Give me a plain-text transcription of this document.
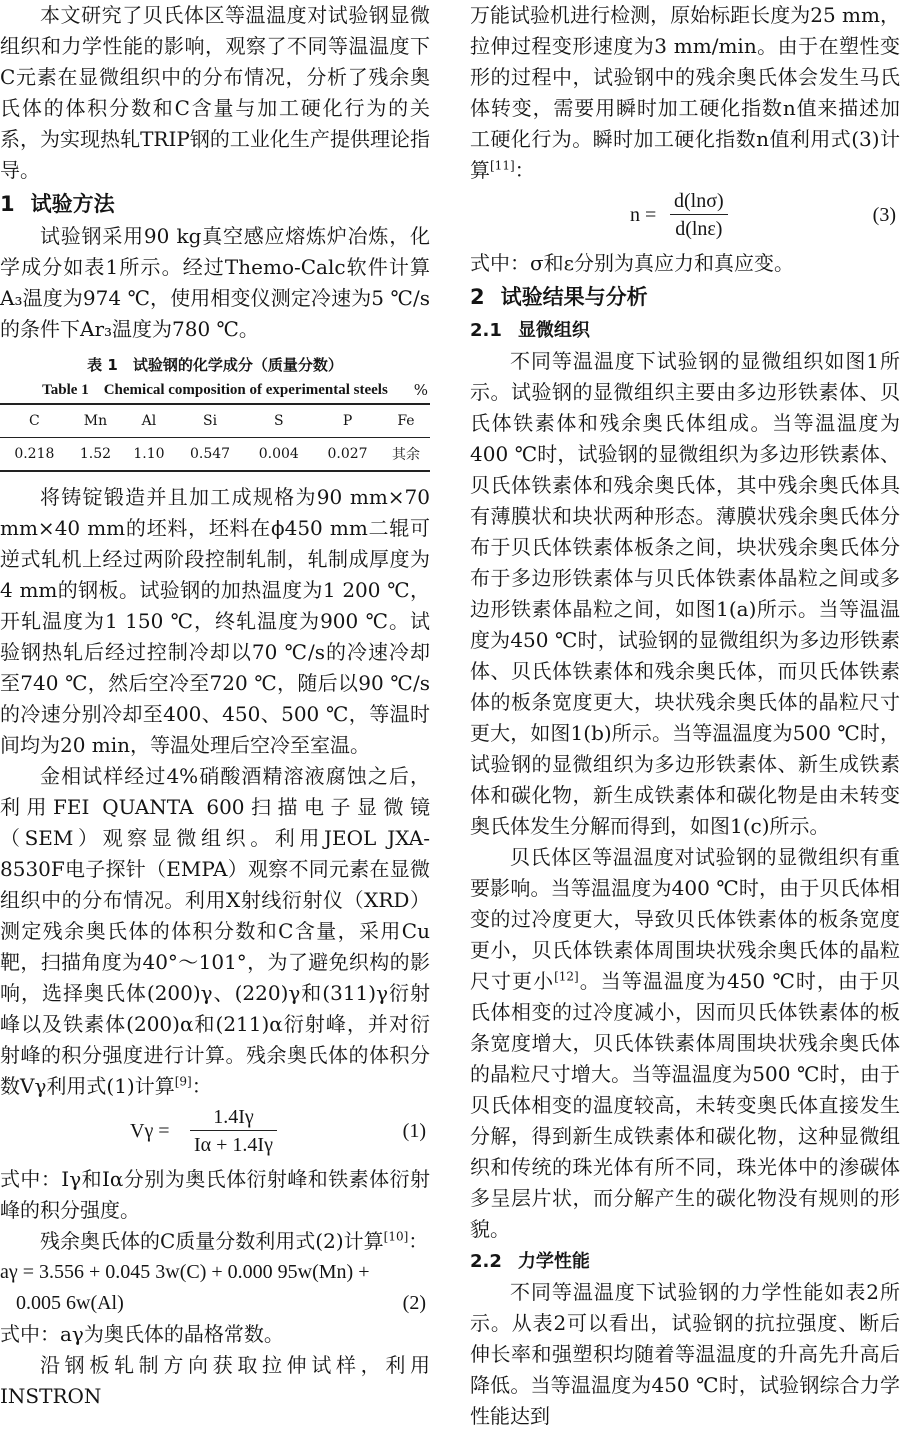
本文研究了贝氏体区等温温度对试验钢显微组织和力学性能的影响，观察了不同等温温度下C元素在显微组织中的分布情况，分析了残余奥氏体的体积分数和C含量与加工硬化行为的关系，为实现热轧TRIP钢的工业化生产提供理论指导。

1 试验方法

试验钢采用90 kg真空感应熔炼炉冶炼，化学成分如表1所示。经过Themo-Calc软件计算A₃温度为974 ℃，使用相变仪测定冷速为5 ℃/s的条件下Ar₃温度为780 ℃。

表 1　试验钢的化学成分（质量分数）
Table 1　Chemical composition of experimental steels	%
C	Mn	Al	Si	S	P	Fe
0.218	1.52	1.10	0.547	0.004	0.027	其余

将铸锭锻造并且加工成规格为90 mm×70 mm×40 mm的坯料，坯料在ϕ450 mm二辊可逆式轧机上经过两阶段控制轧制，轧制成厚度为4 mm的钢板。试验钢的加热温度为1 200 ℃，开轧温度为1 150 ℃，终轧温度为900 ℃。试验钢热轧后经过控制冷却以70 ℃/s的冷速冷却至740 ℃，然后空冷至720 ℃，随后以90 ℃/s的冷速分别冷却至400、450、500 ℃，等温时间均为20 min，等温处理后空冷至室温。

金相试样经过4%硝酸酒精溶液腐蚀之后，利用FEI QUANTA 600扫描电子显微镜（SEM）观察显微组织。利用JEOL JXA-8530F电子探针（EMPA）观察不同元素在显微组织中的分布情况。利用X射线衍射仪（XRD）测定残余奥氏体的体积分数和C含量，采用Cu靶，扫描角度为40°～101°，为了避免织构的影响，选择奥氏体(200)γ、(220)γ和(311)γ衍射峰以及铁素体(200)α和(211)α衍射峰，并对衍射峰的积分强度进行计算。残余奥氏体的体积分数Vγ利用式(1)计算[9]：

$V\gamma = \frac{1.4I\gamma}{I\alpha + 1.4I\gamma}$	(1)

式中：Iγ和Iα分别为奥氏体衍射峰和铁素体衍射峰的积分强度。

残余奥氏体的C质量分数利用式(2)计算[10]：

aγ = 3.556 + 0.045 3w(C) + 0.000 95w(Mn) +
0.005 6w(Al)	(2)

式中：aγ为奥氏体的晶格常数。

沿钢板轧制方向获取拉伸试样，利用INSTRON

万能试验机进行检测，原始标距长度为25 mm，拉伸过程变形速度为3 mm/min。由于在塑性变形的过程中，试验钢中的残余奥氏体会发生马氏体转变，需要用瞬时加工硬化指数n值来描述加工硬化行为。瞬时加工硬化指数n值利用式(3)计算[11]：

$n = \frac{d(\ln\sigma)}{d(\ln\varepsilon)}$	(3)

式中：σ和ε分别为真应力和真应变。

2 试验结果与分析
2.1 显微组织

不同等温温度下试验钢的显微组织如图1所示。试验钢的显微组织主要由多边形铁素体、贝氏体铁素体和残余奥氏体组成。当等温温度为400 ℃时，试验钢的显微组织为多边形铁素体、贝氏体铁素体和残余奥氏体，其中残余奥氏体具有薄膜状和块状两种形态。薄膜状残余奥氏体分布于贝氏体铁素体板条之间，块状残余奥氏体分布于多边形铁素体与贝氏体铁素体晶粒之间或多边形铁素体晶粒之间，如图1(a)所示。当等温温度为450 ℃时，试验钢的显微组织为多边形铁素体、贝氏体铁素体和残余奥氏体，而贝氏体铁素体的板条宽度更大，块状残余奥氏体的晶粒尺寸更大，如图1(b)所示。当等温温度为500 ℃时，试验钢的显微组织为多边形铁素体、新生成铁素体和碳化物，新生成铁素体和碳化物是由未转变奥氏体发生分解而得到，如图1(c)所示。

贝氏体区等温温度对试验钢的显微组织有重要影响。当等温温度为400 ℃时，由于贝氏体相变的过冷度更大，导致贝氏体铁素体的板条宽度更小，贝氏体铁素体周围块状残余奥氏体的晶粒尺寸更小[12]。当等温温度为450 ℃时，由于贝氏体相变的过冷度减小，因而贝氏体铁素体的板条宽度增大，贝氏体铁素体周围块状残余奥氏体的晶粒尺寸增大。当等温温度为500 ℃时，由于贝氏体相变的温度较高，未转变奥氏体直接发生分解，得到新生成铁素体和碳化物，这种显微组织和传统的珠光体有所不同，珠光体中的渗碳体多呈层片状，而分解产生的碳化物没有规则的形貌。

2.2 力学性能

不同等温温度下试验钢的力学性能如表2所示。从表2可以看出，试验钢的抗拉强度、断后伸长率和强塑积均随着等温温度的升高先升高后降低。当等温温度为450 ℃时，试验钢综合力学性能达到
